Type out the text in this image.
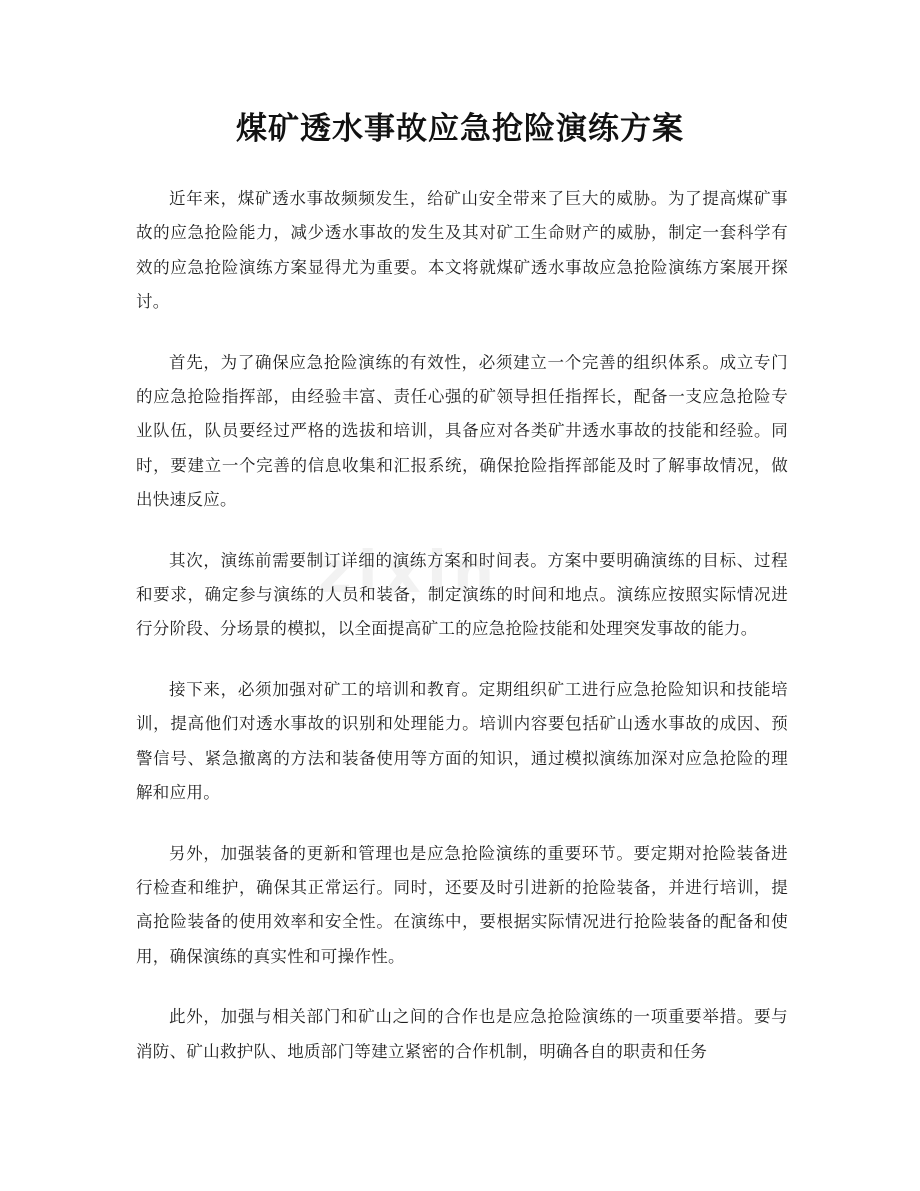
煤矿透水事故应急抢险演练方案
zixin

近年来，煤矿透水事故频频发生，给矿山安全带来了巨大的威胁。为了提高煤矿事故的应急抢险能力，减少透水事故的发生及其对矿工生命财产的威胁，制定一套科学有效的应急抢险演练方案显得尤为重要。本文将就煤矿透水事故应急抢险演练方案展开探讨。

首先，为了确保应急抢险演练的有效性，必须建立一个完善的组织体系。成立专门的应急抢险指挥部，由经验丰富、责任心强的矿领导担任指挥长，配备一支应急抢险专业队伍，队员要经过严格的选拔和培训，具备应对各类矿井透水事故的技能和经验。同时，要建立一个完善的信息收集和汇报系统，确保抢险指挥部能及时了解事故情况，做出快速反应。

其次，演练前需要制订详细的演练方案和时间表。方案中要明确演练的目标、过程和要求，确定参与演练的人员和装备，制定演练的时间和地点。演练应按照实际情况进行分阶段、分场景的模拟，以全面提高矿工的应急抢险技能和处理突发事故的能力。

接下来，必须加强对矿工的培训和教育。定期组织矿工进行应急抢险知识和技能培训，提高他们对透水事故的识别和处理能力。培训内容要包括矿山透水事故的成因、预警信号、紧急撤离的方法和装备使用等方面的知识，通过模拟演练加深对应急抢险的理解和应用。

另外，加强装备的更新和管理也是应急抢险演练的重要环节。要定期对抢险装备进行检查和维护，确保其正常运行。同时，还要及时引进新的抢险装备，并进行培训，提高抢险装备的使用效率和安全性。在演练中，要根据实际情况进行抢险装备的配备和使用，确保演练的真实性和可操作性。

此外，加强与相关部门和矿山之间的合作也是应急抢险演练的一项重要举措。要与消防、矿山救护队、地质部门等建立紧密的合作机制，明确各自的职责和任务
